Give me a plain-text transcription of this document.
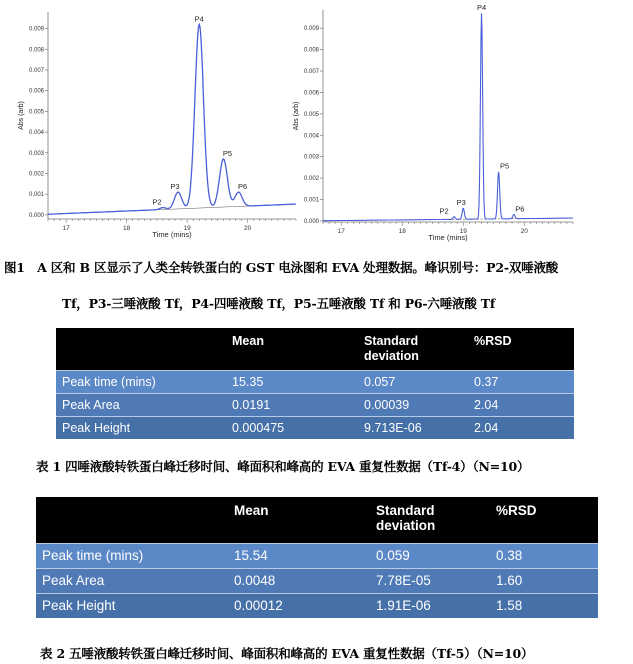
0.000
0.001
0.002
0.003
0.004
0.005
0.006
0.007
0.008
0.009
17	18	19	20
Time (mins)
Abs (arb)
P2
P3
P4
P5
P6
0.000
0.001
0.002
0.003
0.004
0.005
0.006
0.007
0.008
0.009
17	18	19	20
Time (mins)
Abs (arb)
P2
P3
P4
P5
P6
图1　A 区和 B 区显示了人类全转铁蛋白的 GST 电泳图和 EVA 处理数据。峰识别号：P2-双唾液酸
Tf，P3-三唾液酸 Tf，P4-四唾液酸 Tf，P5-五唾液酸 Tf 和 P6-六唾液酸 Tf
	Mean	Standard deviation	%RSD
Peak time (mins)	15.35	0.057	0.37
Peak Area	0.0191	0.00039	2.04
Peak Height	0.000475	9.713E-06	2.04
表 1 四唾液酸转铁蛋白峰迁移时间、峰面积和峰高的 EVA 重复性数据（Tf-4）（N=10）
	Mean	Standard deviation	%RSD
Peak time (mins)	15.54	0.059	0.38
Peak Area	0.0048	7.78E-05	1.60
Peak Height	0.00012	1.91E-06	1.58
表 2 五唾液酸转铁蛋白峰迁移时间、峰面积和峰高的 EVA 重复性数据（Tf-5）（N=10）
